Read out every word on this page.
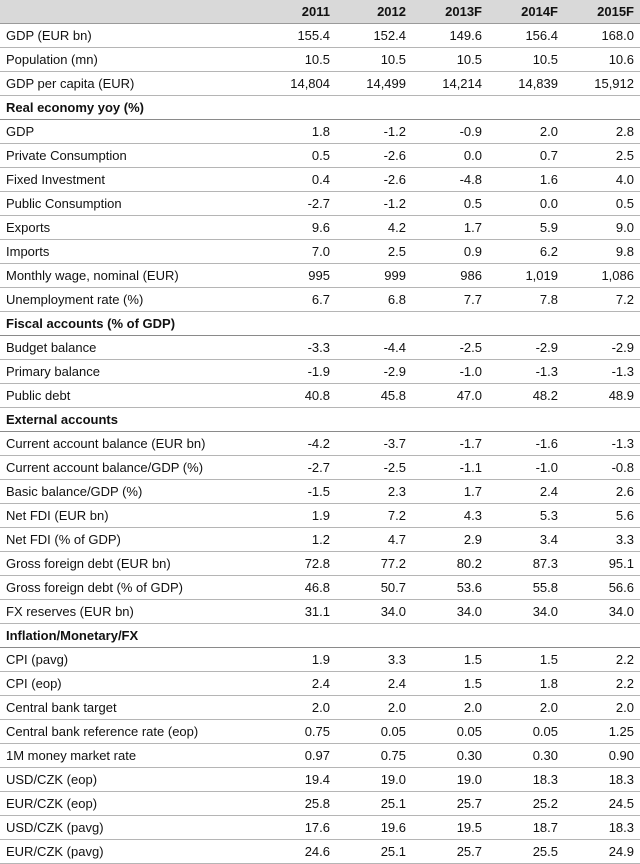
	2011	2012	2013F	2014F	2015F
GDP (EUR bn)	155.4	152.4	149.6	156.4	168.0
Population (mn)	10.5	10.5	10.5	10.5	10.6
GDP per capita (EUR)	14,804	14,499	14,214	14,839	15,912
Real economy yoy (%)					
GDP	1.8	-1.2	-0.9	2.0	2.8
Private Consumption	0.5	-2.6	0.0	0.7	2.5
Fixed Investment	0.4	-2.6	-4.8	1.6	4.0
Public Consumption	-2.7	-1.2	0.5	0.0	0.5
Exports	9.6	4.2	1.7	5.9	9.0
Imports	7.0	2.5	0.9	6.2	9.8
Monthly wage, nominal (EUR)	995	999	986	1,019	1,086
Unemployment rate (%)	6.7	6.8	7.7	7.8	7.2
Fiscal accounts (% of GDP)					
Budget balance	-3.3	-4.4	-2.5	-2.9	-2.9
Primary balance	-1.9	-2.9	-1.0	-1.3	-1.3
Public debt	40.8	45.8	47.0	48.2	48.9
External accounts					
Current account balance (EUR bn)	-4.2	-3.7	-1.7	-1.6	-1.3
Current account balance/GDP (%)	-2.7	-2.5	-1.1	-1.0	-0.8
Basic balance/GDP (%)	-1.5	2.3	1.7	2.4	2.6
Net FDI (EUR bn)	1.9	7.2	4.3	5.3	5.6
Net FDI (% of GDP)	1.2	4.7	2.9	3.4	3.3
Gross foreign debt (EUR bn)	72.8	77.2	80.2	87.3	95.1
Gross foreign debt (% of GDP)	46.8	50.7	53.6	55.8	56.6
FX reserves (EUR bn)	31.1	34.0	34.0	34.0	34.0
Inflation/Monetary/FX					
CPI (pavg)	1.9	3.3	1.5	1.5	2.2
CPI (eop)	2.4	2.4	1.5	1.8	2.2
Central bank target	2.0	2.0	2.0	2.0	2.0
Central bank reference rate (eop)	0.75	0.05	0.05	0.05	1.25
1M money market rate	0.97	0.75	0.30	0.30	0.90
USD/CZK (eop)	19.4	19.0	19.0	18.3	18.3
EUR/CZK (eop)	25.8	25.1	25.7	25.2	24.5
USD/CZK (pavg)	17.6	19.6	19.5	18.7	18.3
EUR/CZK (pavg)	24.6	25.1	25.7	25.5	24.9
